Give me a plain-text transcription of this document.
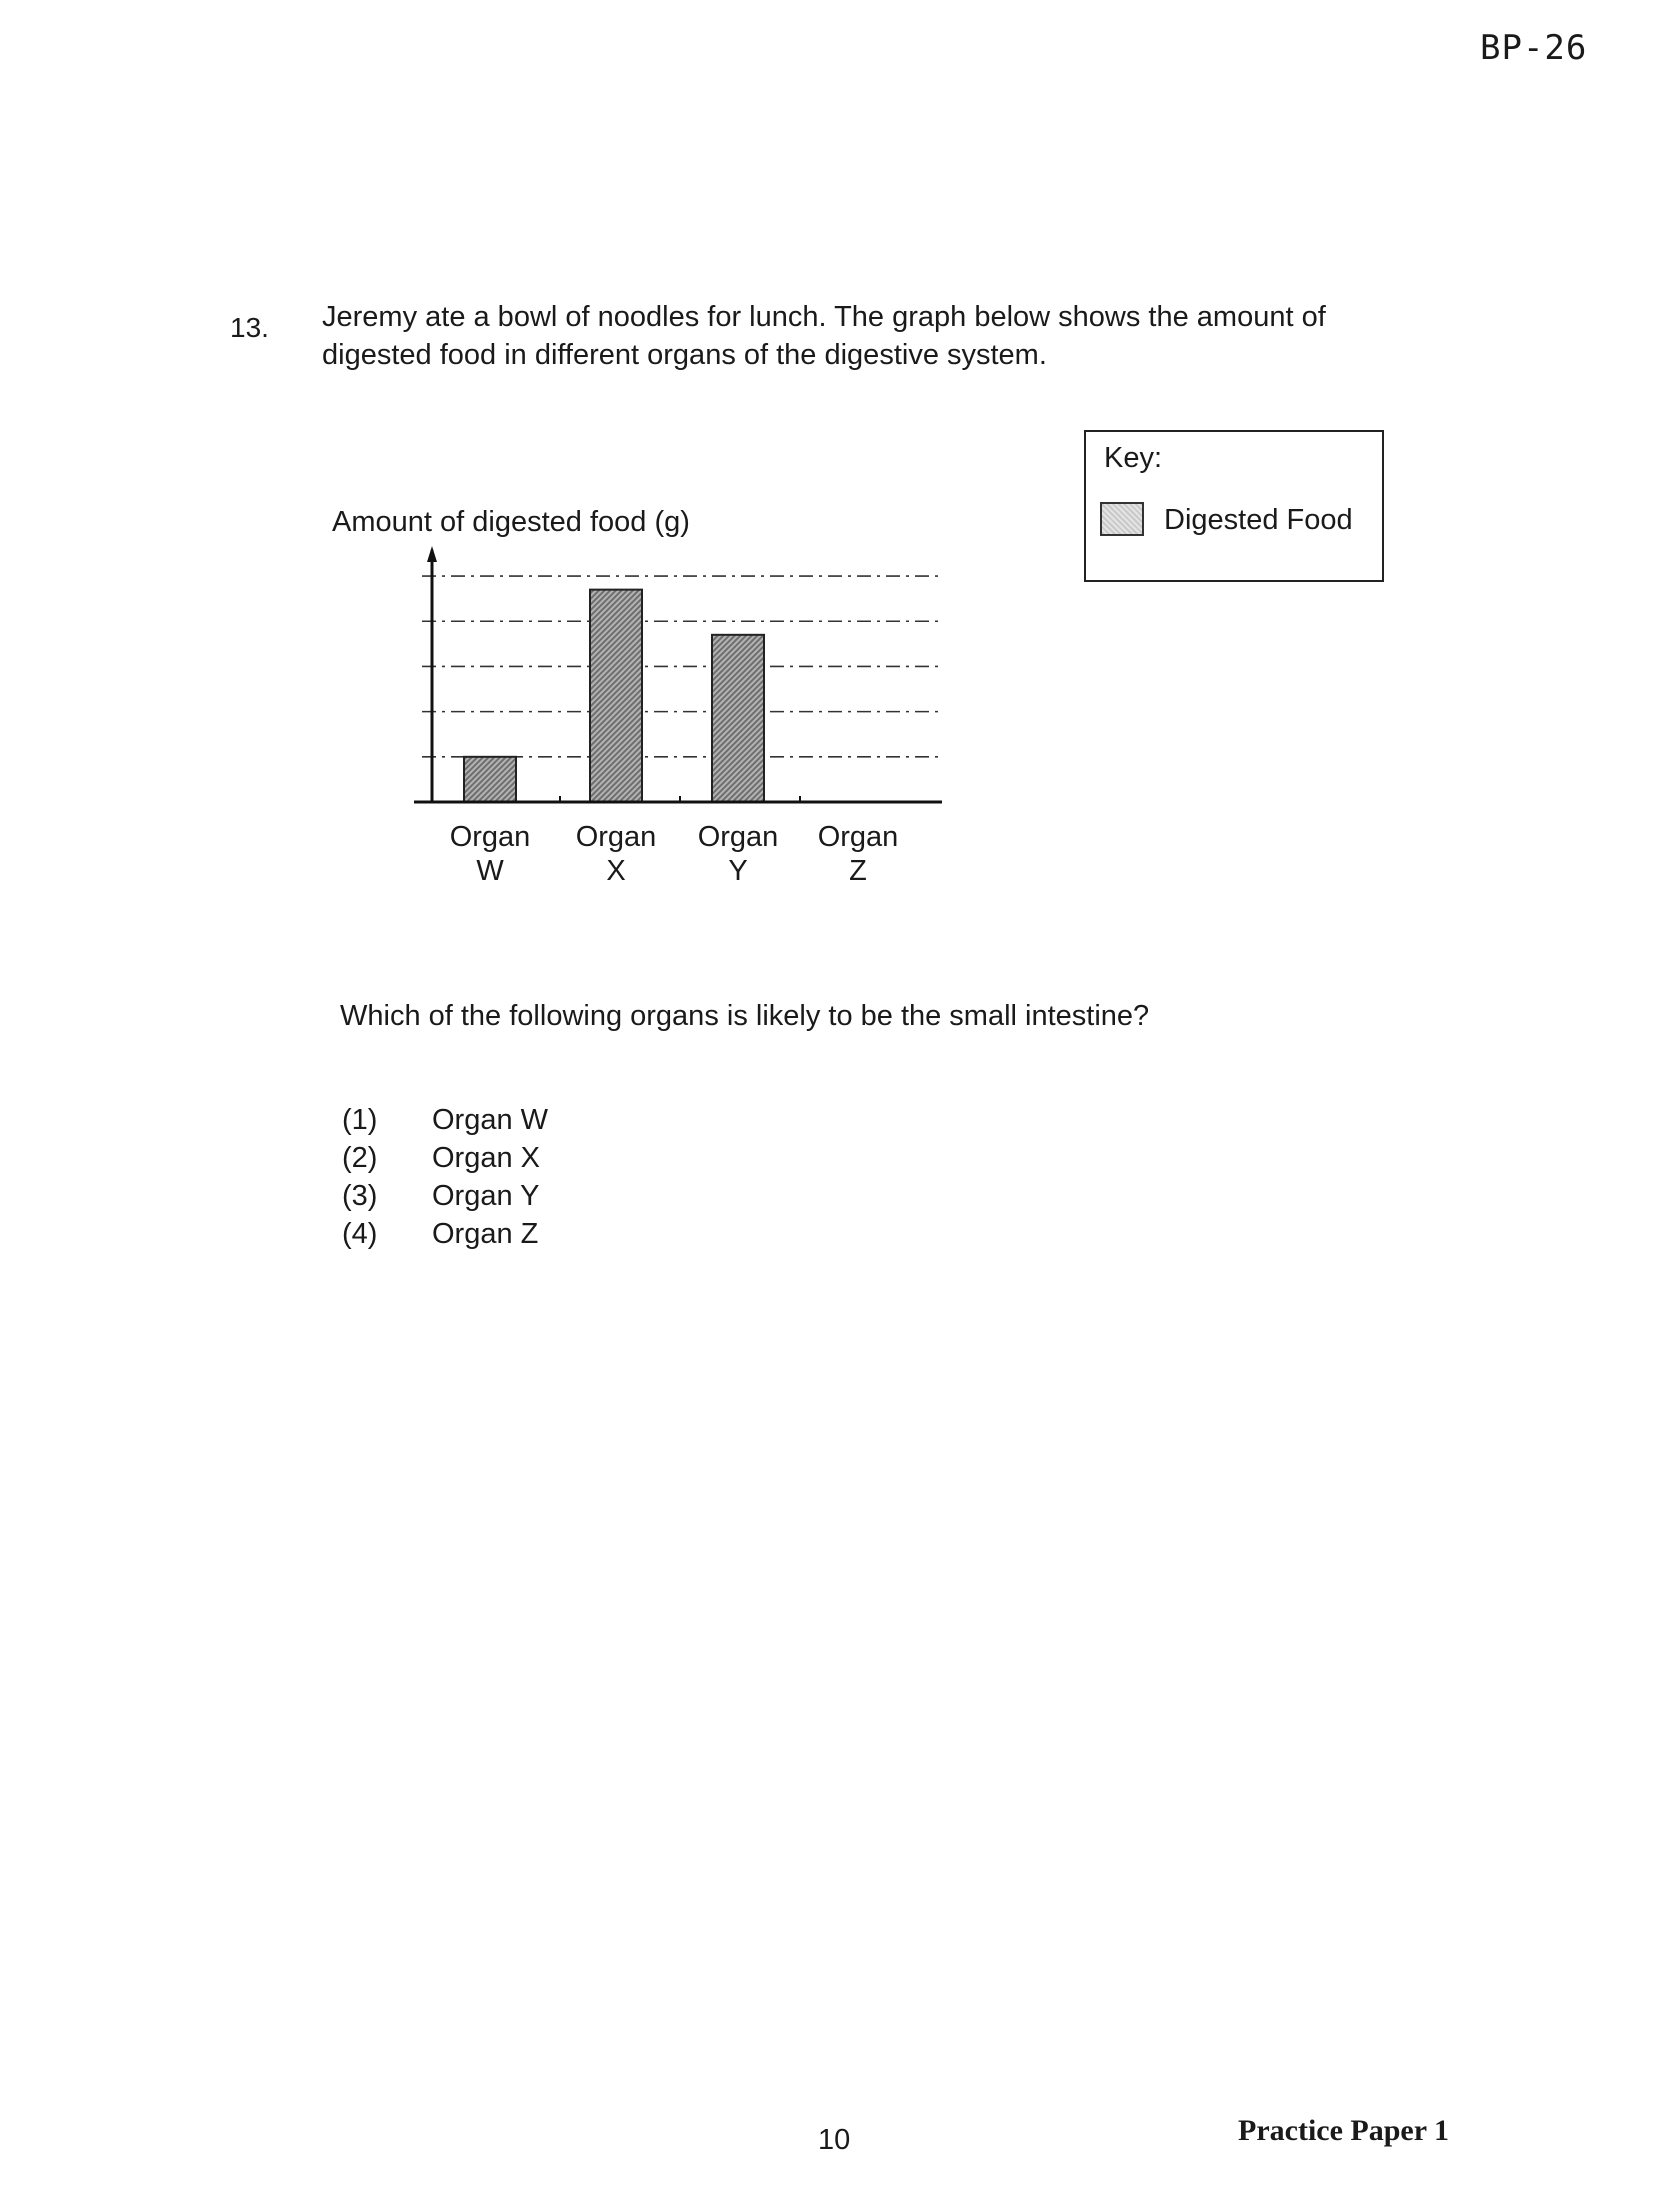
BP-26
13. Jeremy ate a bowl of noodles for lunch. The graph below shows the amount of
digested food in different organs of the digestive system.
Amount of digested food (g)
Key:
Digested Food
Organ
W
Organ
X
Organ
Y
Organ
Z
Which of the following organs is likely to be the small intestine?
(1) Organ W
(2) Organ X
(3) Organ Y
(4) Organ Z
10	Practice Paper 1
